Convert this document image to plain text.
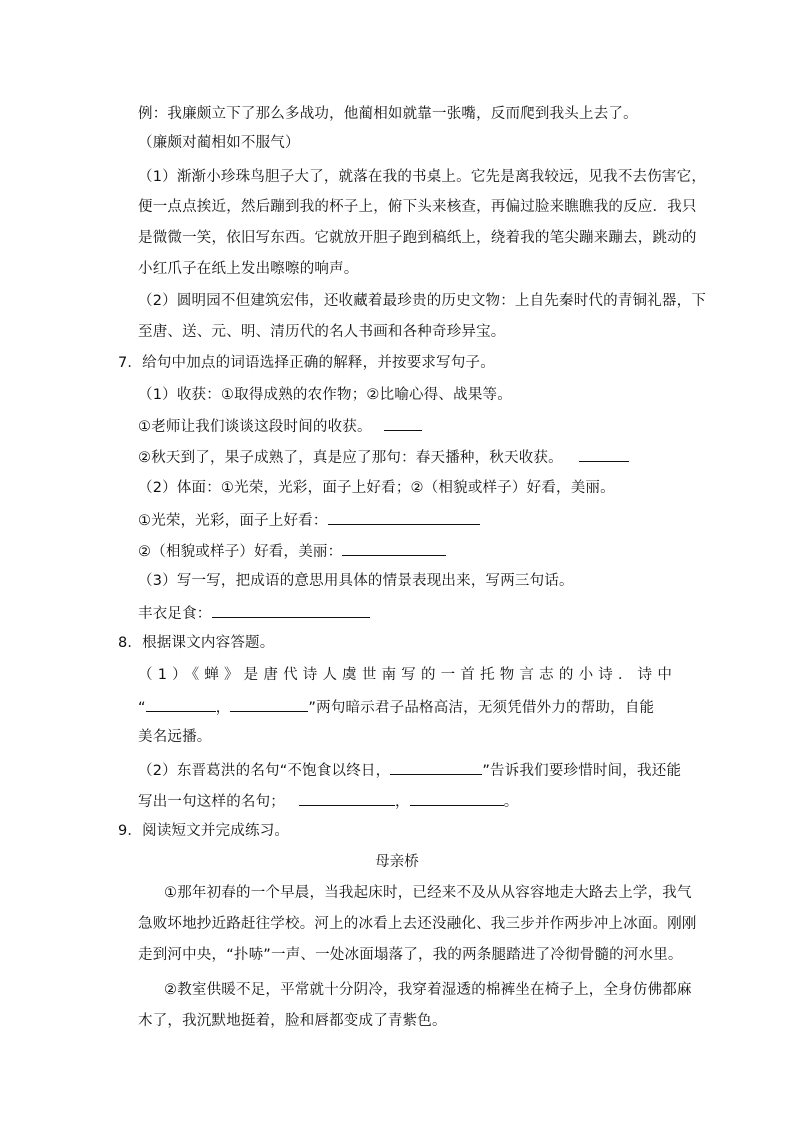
例：我廉颇立下了那么多战功，他蔺相如就靠一张嘴，反而爬到我头上去了。
（廉颇对蔺相如不服气）
（1）渐渐小珍珠鸟胆子大了，就落在我的书桌上。它先是离我较远，见我不去伤害它，
便一点点挨近，然后蹦到我的杯子上，俯下头来核查，再偏过脸来瞧瞧我的反应．我只
是微微一笑，依旧写东西。它就放开胆子跑到稿纸上，绕着我的笔尖蹦来蹦去，跳动的
小红爪子在纸上发出嚓嚓的响声。
（2）圆明园不但建筑宏伟，还收藏着最珍贵的历史文物：上自先秦时代的青铜礼器，下
至唐、送、元、明、清历代的名人书画和各种奇珍异宝。
7．给句中加点的词语选择正确的解释，并按要求写句子。
（1）收获：①取得成熟的农作物；②比喻心得、战果等。
①老师让我们谈谈这段时间的收获。
②秋天到了，果子成熟了，真是应了那句：春天播种，秋天收获。
（2）体面：①光荣，光彩，面子上好看；②（相貌或样子）好看，美丽。
①光荣，光彩，面子上好看：
②（相貌或样子）好看，美丽：
（3）写一写，把成语的意思用具体的情景表现出来，写两三句话。
丰衣足食：
8．根据课文内容答题。
（1）《蝉》是唐代诗人虞世南写的一首托物言志的小诗．诗中
“	，	”两句暗示君子品格高洁，无须凭借外力的帮助，自能
美名远播。
（2）东晋葛洪的名句“不饱食以终日，	”告诉我们要珍惜时间，我还能
写出一句这样的名句；	，	。
9．阅读短文并完成练习。
母亲桥
①那年初春的一个早晨，当我起床时，已经来不及从从容容地走大路去上学，我气
急败坏地抄近路赶往学校。河上的冰看上去还没融化、我三步并作两步冲上冰面。刚刚
走到河中央，“扑哧”一声、一处冰面塌落了，我的两条腿踏进了冷彻骨髓的河水里。
②教室供暖不足，平常就十分阴冷，我穿着湿透的棉裤坐在椅子上，全身仿佛都麻
木了，我沉默地挺着，脸和唇都变成了青紫色。
